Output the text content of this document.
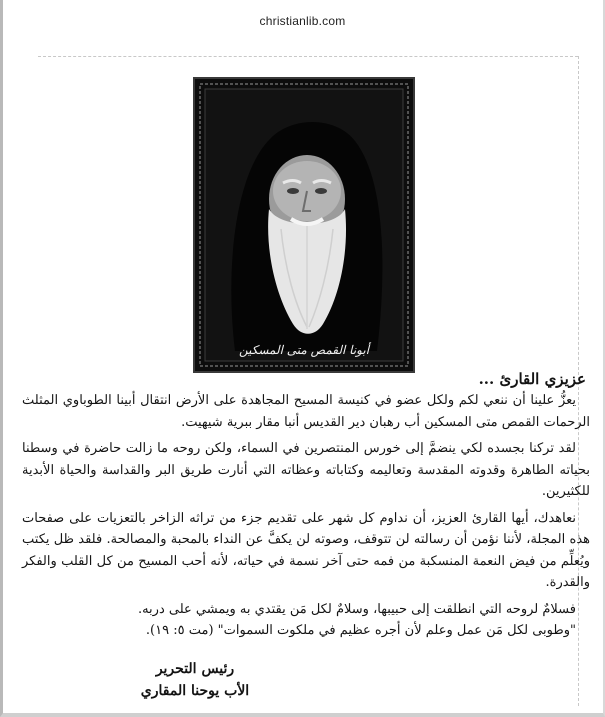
christianlib.com
أبونا القمص متى المسكين
عزيزي القارئ ...

يعزُّ علينا أن ننعي لكم ولكل عضو في كنيسة المسيح المجاهدة على الأرض انتقال أبينا الطوباوي المثلث الرحمات القمص متى المسكين أب رهبان دير القديس أنبا مقار ببرية شيهيت.

لقد تركنا بجسده لكي ينضمَّ إلى خورس المنتصرين في السماء، ولكن روحه ما زالت حاضرة في وسطنا بحياته الطاهرة وقدوته المقدسة وتعاليمه وكتاباته وعظاته التي أنارت طريق البر والقداسة والحياة الأبدية للكثيرين.

نعاهدك، أيها القارئ العزيز، أن نداوم كل شهر على تقديم جزء من تراثه الزاخر بالتعزيات على صفحات هذه المجلة، لأننا نؤمن أن رسالته لن تتوقف، وصوته لن يكفَّ عن النداء بالمحبة والمصالحة. فلقد ظل يكتب ويُعلِّم من فيض النعمة المنسكبة من فمه حتى آخر نسمة في حياته، لأنه أحب المسيح من كل القلب والفكر والقدرة.

فسلامٌ لروحه التي انطلقت إلى حبيبها، وسلامٌ لكل مَن يقتدي به ويمشي على دربه.

"وطوبى لكل مَن عمل وعلم لأن أجره عظيم في ملكوت السموات" (مت ٥: ١٩).

رئيس التحرير
الأب يوحنا المقاري
